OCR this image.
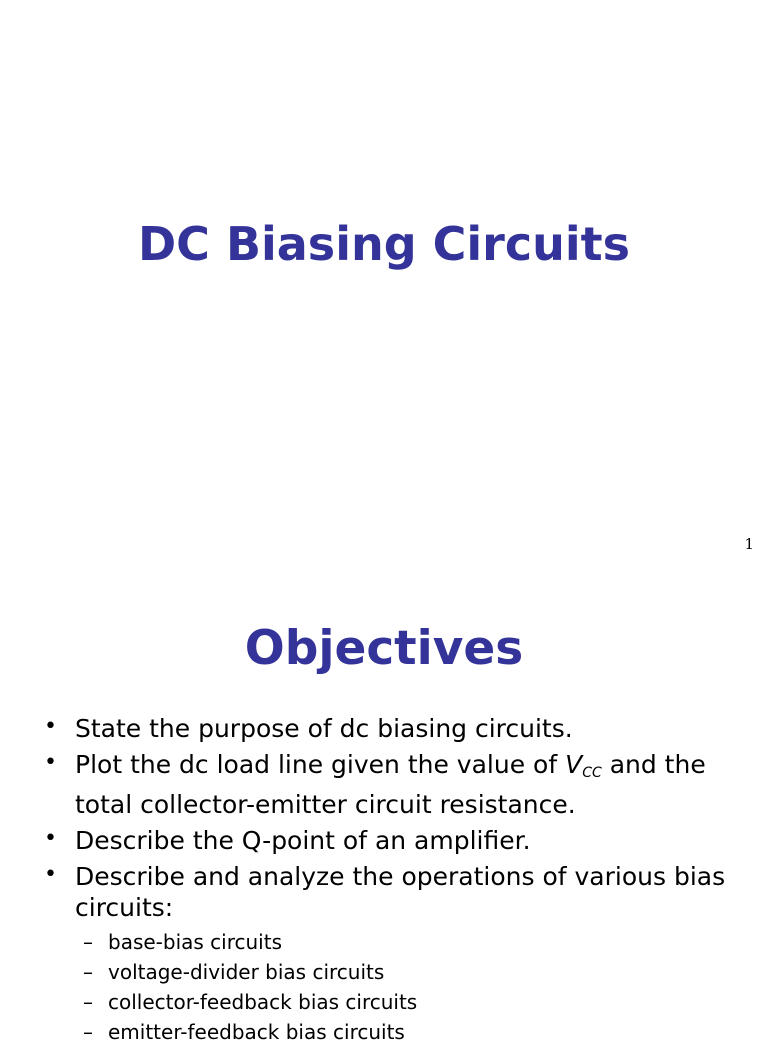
DC Biasing Circuits
1
Objectives
• State the purpose of dc biasing circuits.
• Plot the dc load line given the value of VCC and the total collector-emitter circuit resistance.
• Describe the Q-point of an amplifier.
• Describe and analyze the operations of various bias circuits:
– base-bias circuits
– voltage-divider bias circuits
– collector-feedback bias circuits
– emitter-feedback bias circuits
